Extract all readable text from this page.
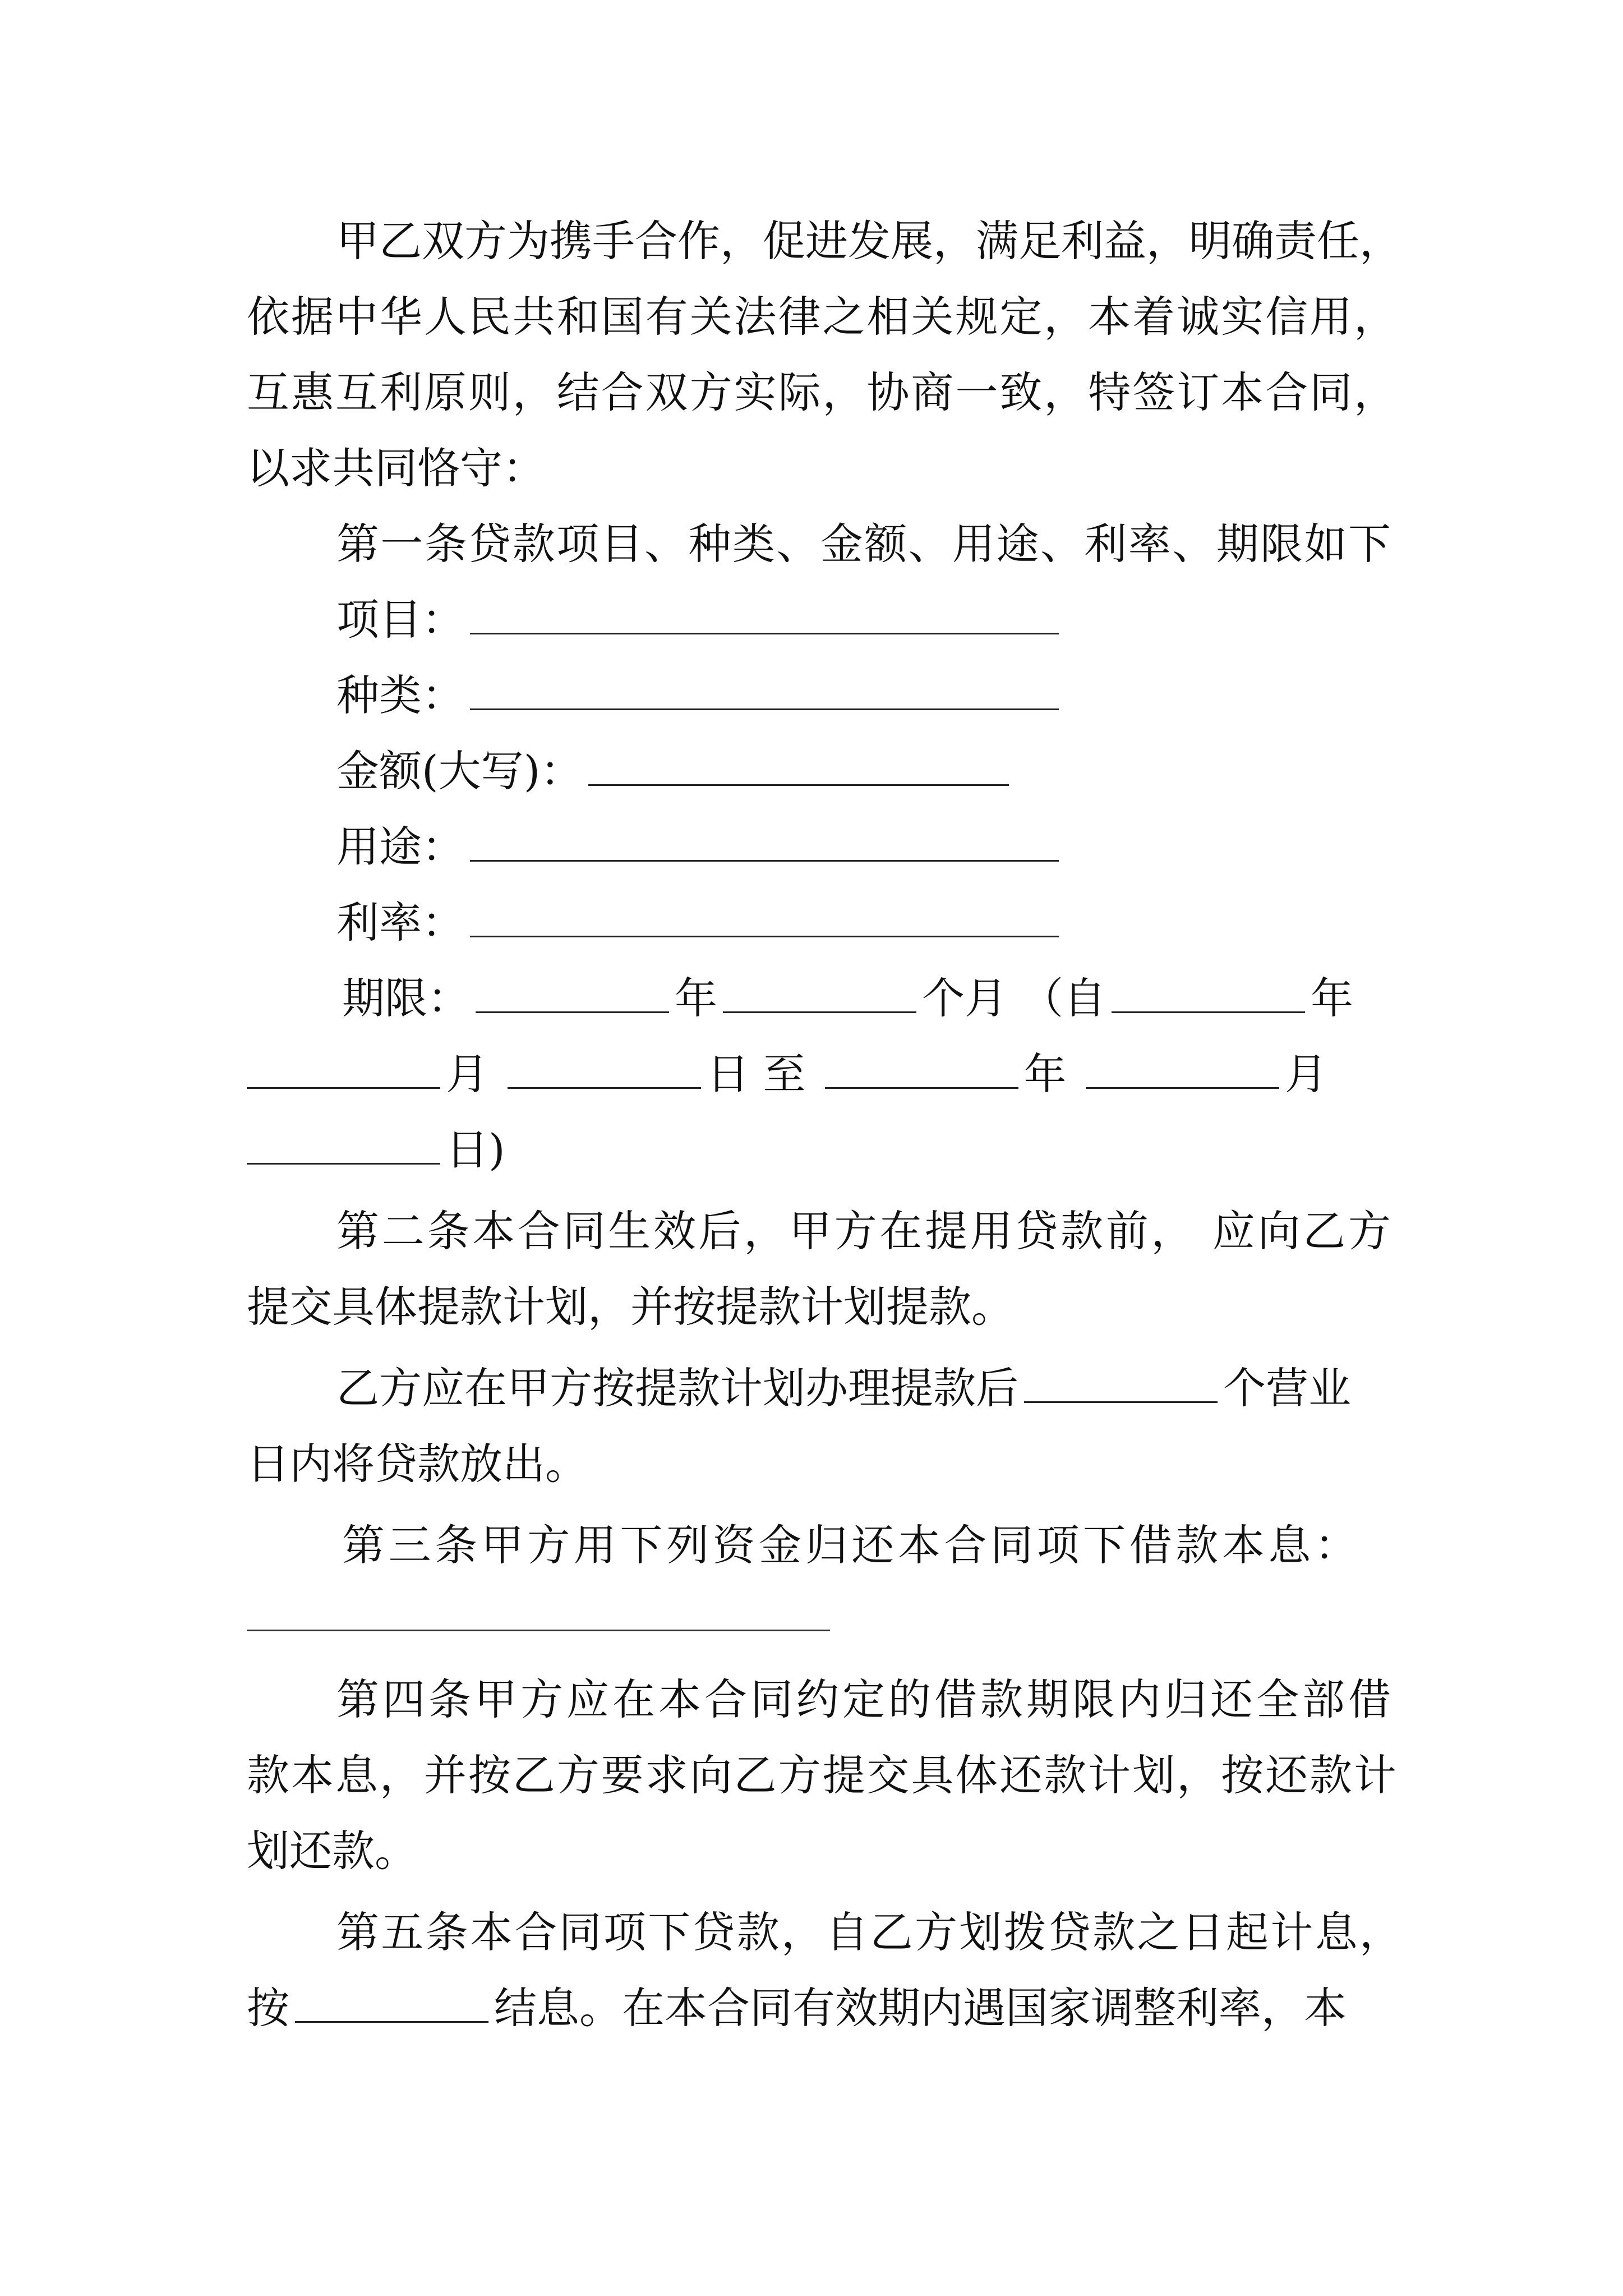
甲乙双方为携手合作，促进发展，满足利益，明确责任，
依据中华人民共和国有关法律之相关规定，本着诚实信用，
互惠互利原则，结合双方实际，协商一致，特签订本合同，
以求共同恪守：
第一条贷款项目、种类、金额、用途、利率、期限如下
项目：
种类：
金额(大写)：
用途：
利率：
期限：	年	个月 （自	年
月	日 至	年	月
日)
第二条本合同生效后，甲方在提用贷款前， 应向乙方
提交具体提款计划，并按提款计划提款。
乙方应在甲方按提款计划办理提款后	个营业
日内将贷款放出。
第三条甲方用下列资金归还本合同项下借款本息：
第四条甲方应在本合同约定的借款期限内归还全部借
款本息，并按乙方要求向乙方提交具体还款计划，按还款计
划还款。
第五条本合同项下贷款，自乙方划拨贷款之日起计息，
按	结息。在本合同有效期内遇国家调整利率，本
